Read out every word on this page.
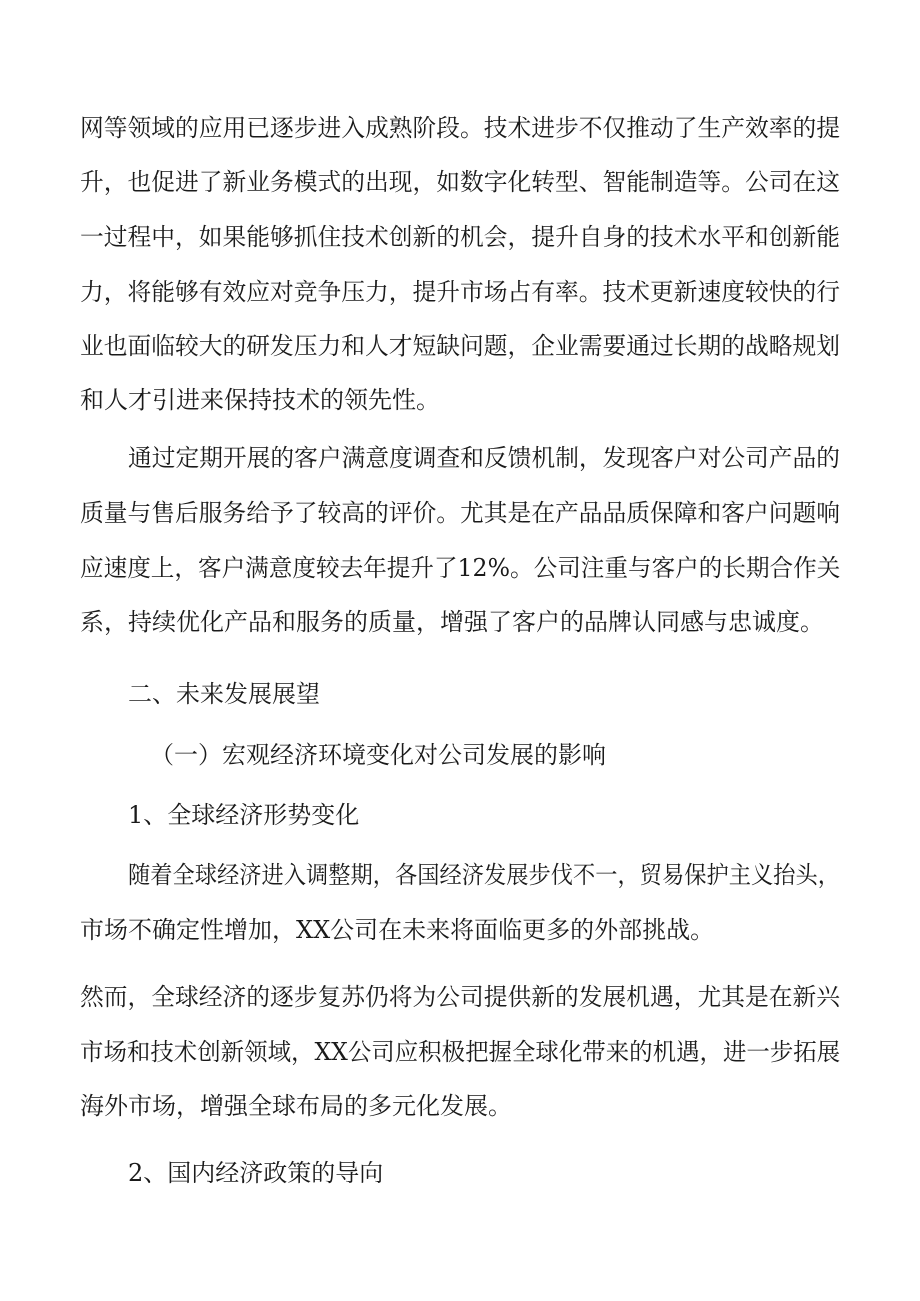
网等领域的应用已逐步进入成熟阶段。技术进步不仅推动了生产效率的提

升，也促进了新业务模式的出现，如数字化转型、智能制造等。公司在这

一过程中，如果能够抓住技术创新的机会，提升自身的技术水平和创新能

力，将能够有效应对竞争压力，提升市场占有率。技术更新速度较快的行

业也面临较大的研发压力和人才短缺问题，企业需要通过长期的战略规划

和人才引进来保持技术的领先性。

通过定期开展的客户满意度调查和反馈机制，发现客户对公司产品的

质量与售后服务给予了较高的评价。尤其是在产品品质保障和客户问题响

应速度上，客户满意度较去年提升了12%。公司注重与客户的长期合作关

系，持续优化产品和服务的质量，增强了客户的品牌认同感与忠诚度。

二、未来发展展望

（一）宏观经济环境变化对公司发展的影响

1、全球经济形势变化

随着全球经济进入调整期，各国经济发展步伐不一，贸易保护主义抬头，

市场不确定性增加，XX公司在未来将面临更多的外部挑战。

然而，全球经济的逐步复苏仍将为公司提供新的发展机遇，尤其是在新兴

市场和技术创新领域，XX公司应积极把握全球化带来的机遇，进一步拓展

海外市场，增强全球布局的多元化发展。

2、国内经济政策的导向
